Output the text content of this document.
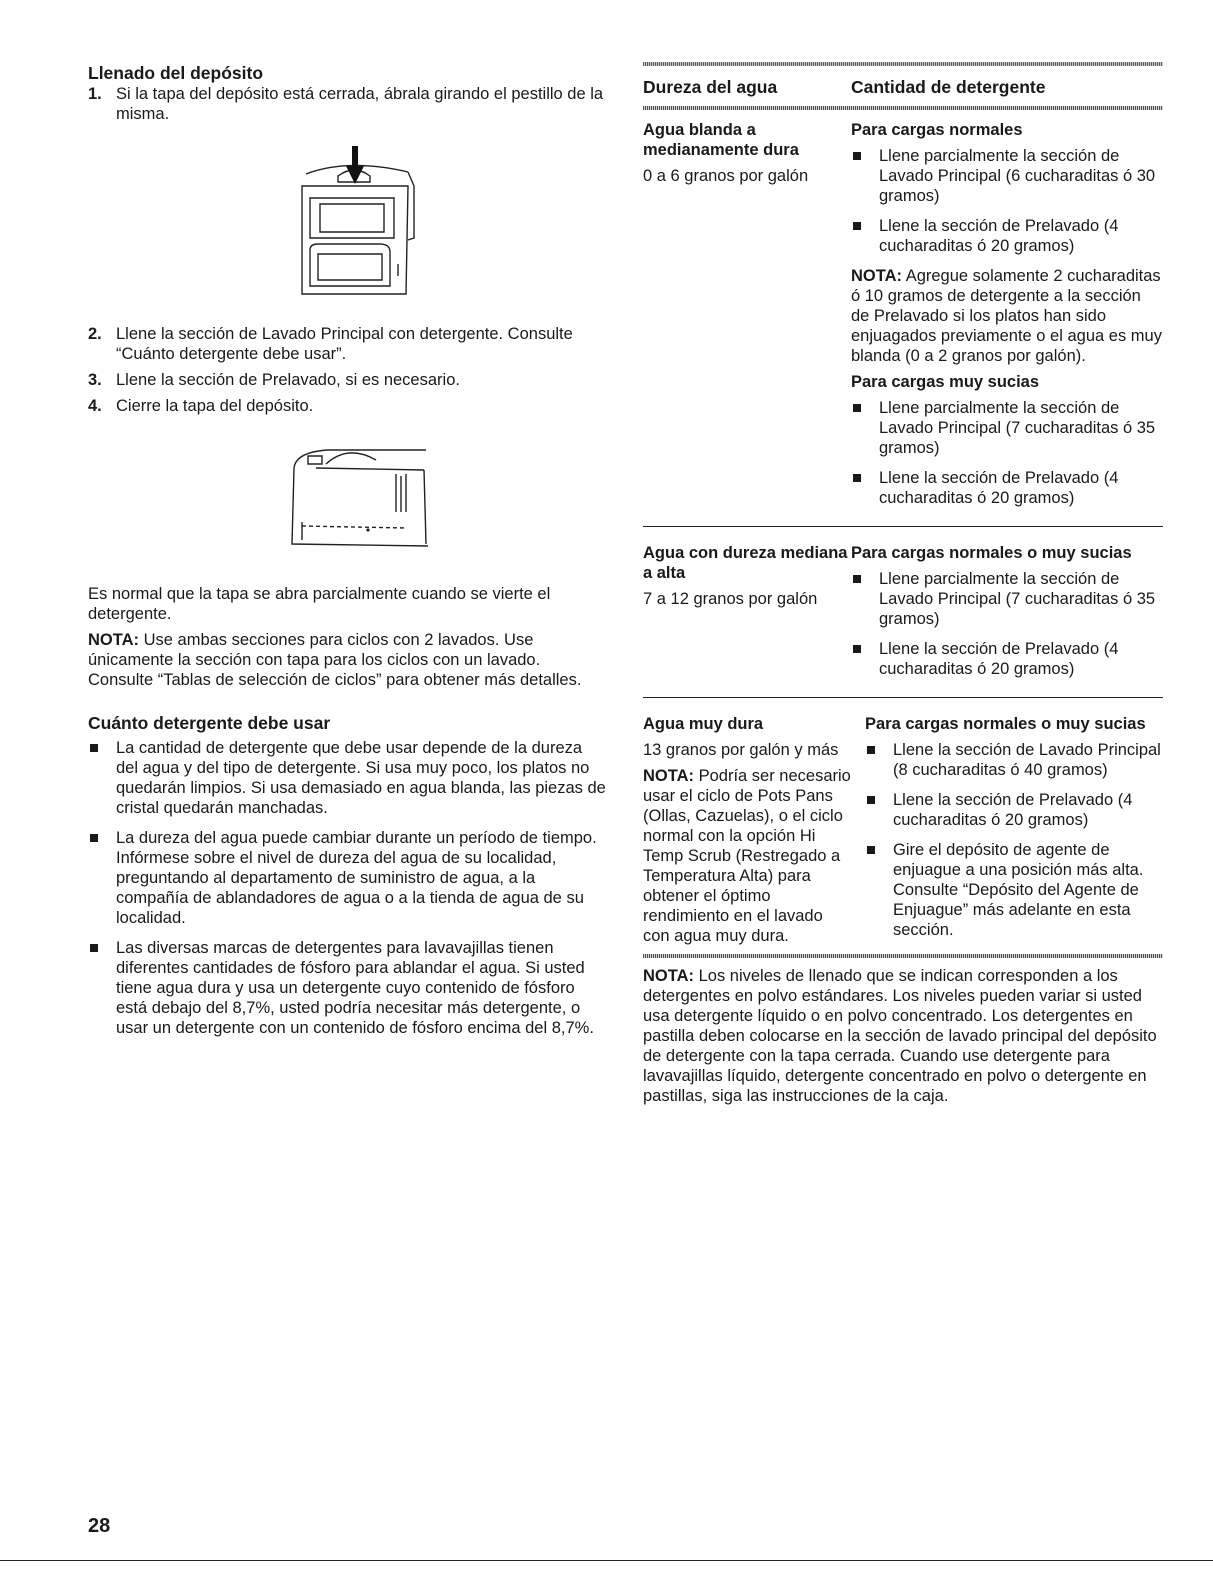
Llenado del depósito
1. Si la tapa del depósito está cerrada, ábrala girando el pestillo de la misma.
2. Llene la sección de Lavado Principal con detergente. Consulte “Cuánto detergente debe usar”.
3. Llene la sección de Prelavado, si es necesario.
4. Cierre la tapa del depósito.

Es normal que la tapa se abra parcialmente cuando se vierte el detergente.

NOTA: Use ambas secciones para ciclos con 2 lavados. Use únicamente la sección con tapa para los ciclos con un lavado. Consulte “Tablas de selección de ciclos” para obtener más detalles.

Cuánto detergente debe usar
La cantidad de detergente que debe usar depende de la dureza del agua y del tipo de detergente. Si usa muy poco, los platos no quedarán limpios. Si usa demasiado en agua blanda, las piezas de cristal quedarán manchadas.
La dureza del agua puede cambiar durante un período de tiempo. Infórmese sobre el nivel de dureza del agua de su localidad, preguntando al departamento de suministro de agua, a la compañía de ablandadores de agua o a la tienda de agua de su localidad.
Las diversas marcas de detergentes para lavavajillas tienen diferentes cantidades de fósforo para ablandar el agua. Si usted tiene agua dura y usa un detergente cuyo contenido de fósforo está debajo del 8,7%, usted podría necesitar más detergente, o usar un detergente con un contenido de fósforo encima del 8,7%.
Dureza del agua	Cantidad de detergente

Agua blanda a medianamente dura

0 a 6 granos por galón

Para cargas normales

Llene parcialmente la sección de Lavado Principal (6 cucharaditas ó 30 gramos)
Llene la sección de Prelavado (4 cucharaditas ó 20 gramos)

NOTA: Agregue solamente 2 cucharaditas ó 10 gramos de detergente a la sección de Prelavado si los platos han sido enjuagados previamente o el agua es muy blanda (0 a 2 granos por galón).

Para cargas muy sucias

Llene parcialmente la sección de Lavado Principal (7 cucharaditas ó 35 gramos)
Llene la sección de Prelavado (4 cucharaditas ó 20 gramos)

Agua con dureza mediana a alta

7 a 12 granos por galón

Para cargas normales o muy sucias

Llene parcialmente la sección de Lavado Principal (7 cucharaditas ó 35 gramos)
Llene la sección de Prelavado (4 cucharaditas ó 20 gramos)

Agua muy dura

13 granos por galón y más

NOTA: Podría ser necesario usar el ciclo de Pots Pans (Ollas, Cazuelas), o el ciclo normal con la opción Hi Temp Scrub (Restregado a Temperatura Alta) para obtener el óptimo rendimiento en el lavado con agua muy dura.

Para cargas normales o muy sucias

Llene la sección de Lavado Principal (8 cucharaditas ó 40 gramos)
Llene la sección de Prelavado (4 cucharaditas ó 20 gramos)
Gire el depósito de agente de enjuague a una posición más alta. Consulte “Depósito del Agente de Enjuague” más adelante en esta sección.

NOTA: Los niveles de llenado que se indican corresponden a los detergentes en polvo estándares. Los niveles pueden variar si usted usa detergente líquido o en polvo concentrado. Los detergentes en pastilla deben colocarse en la sección de lavado principal del depósito de detergente con la tapa cerrada. Cuando use detergente para lavavajillas líquido, detergente concentrado en polvo o detergente en pastillas, siga las instrucciones de la caja.

28
